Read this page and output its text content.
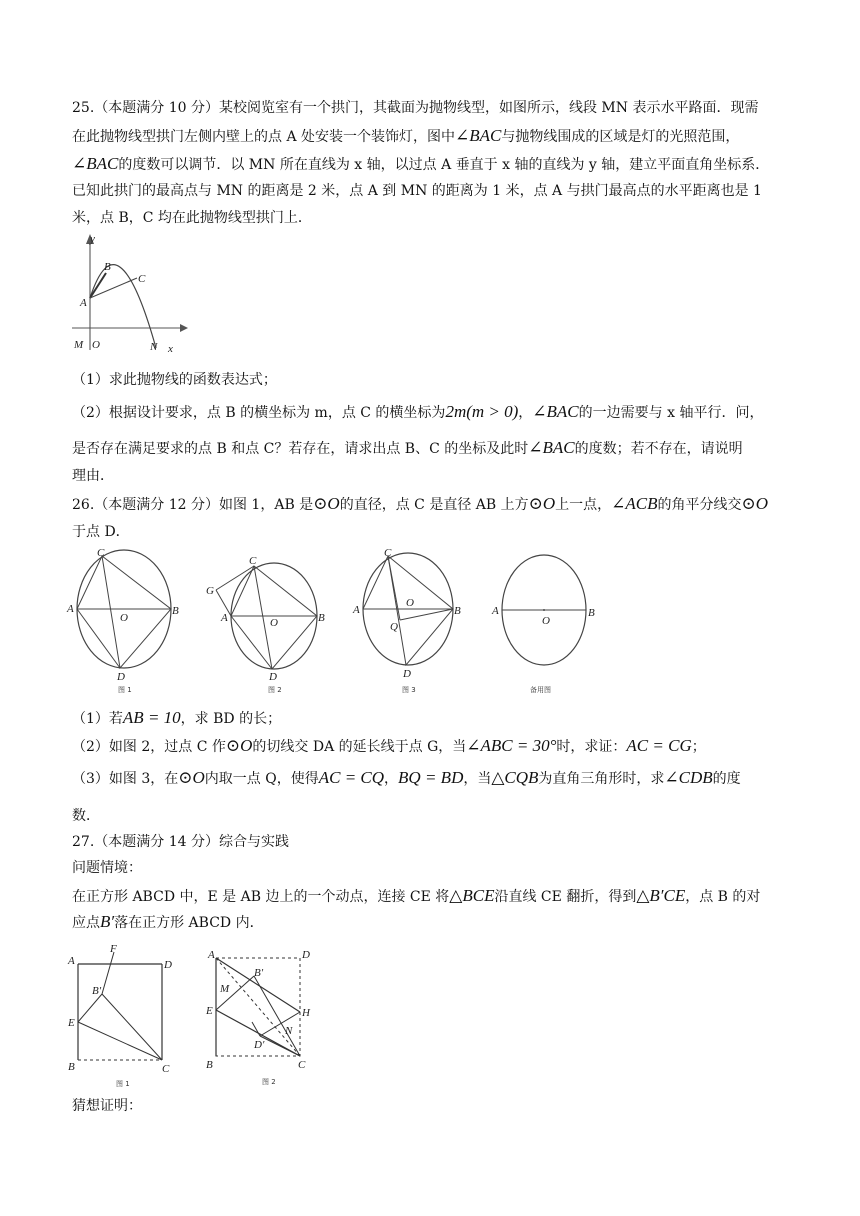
25.（本题满分 10 分）某校阅览室有一个拱门，其截面为抛物线型，如图所示，线段 MN 表示水平路面．现需
在此抛物线型拱门左侧内壁上的点 A 处安装一个装饰灯，图中∠BAC与抛物线围成的区域是灯的光照范围，
∠BAC的度数可以调节．以 MN 所在直线为 x 轴，以过点 A 垂直于 x 轴的直线为 y 轴，建立平面直角坐标系．
已知此拱门的最高点与 MN 的距离是 2 米，点 A 到 MN 的距离为 1 米，点 A 与拱门最高点的水平距离也是 1
米，点 B，C 均在此抛物线型拱门上．
y
x
B
C
A
M O	N
（1）求此抛物线的函数表达式；
（2）根据设计要求，点 B 的横坐标为 m，点 C 的横坐标为2m(m > 0)，∠BAC的一边需要与 x 轴平行．问，
是否存在满足要求的点 B 和点 C？若存在，请求出点 B、C 的坐标及此时∠BAC的度数；若不存在，请说明
理由．
26.（本题满分 12 分）如图 1，AB 是⊙O的直径，点 C 是直径 AB 上方⊙O上一点，∠ACB的角平分线交⊙O
于点 D．
C
A	B
O
D
图 1
C
G
A	B
O
D
图 2
C
A	B
O
Q
D
图 3
A	B
O
备用图
（1）若AB = 10，求 BD 的长；
（2）如图 2，过点 C 作⊙O的切线交 DA 的延长线于点 G，当∠ABC = 30°时，求证：AC = CG；
（3）如图 3，在⊙O内取一点 Q，使得AC = CQ，BQ = BD，当△CQB为直角三角形时，求∠CDB的度
数．
27.（本题满分 14 分）综合与实践
问题情境：
在正方形 ABCD 中，E 是 AB 边上的一个动点，连接 CE 将△BCE沿直线 CE 翻折，得到△B′CE，点 B 的对
应点B′落在正方形 ABCD 内．
A	D
F
B′
E
B	C
图 1
A	D
B′
M
E	H
N
D′
B	C
图 2
猜想证明：
